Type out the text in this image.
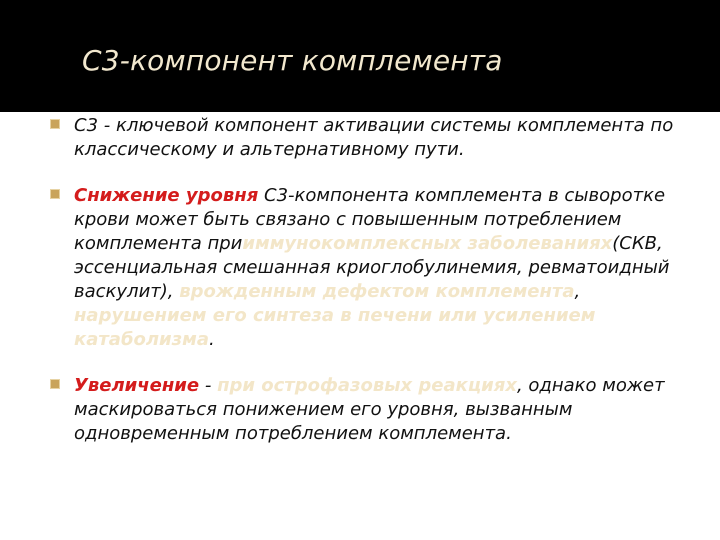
C3-компонент комплемента
C3 - ключевой компонент активации системы комплемента по классическому и альтернативному пути.
Снижение уровня C3-компонента комплемента в сыворотке крови может быть связано с повышенным потреблением комплемента прииммунокомплексных заболеваниях(СКВ, эссенциальная смешанная криоглобулинемия, ревматоидный васкулит), врожденным дефектом комплемента, нарушением его синтеза в печени или усилением катаболизма.
Увеличение - при острофазовых реакциях, однако может маскироваться понижением его уровня, вызванным одновременным потреблением комплемента.
